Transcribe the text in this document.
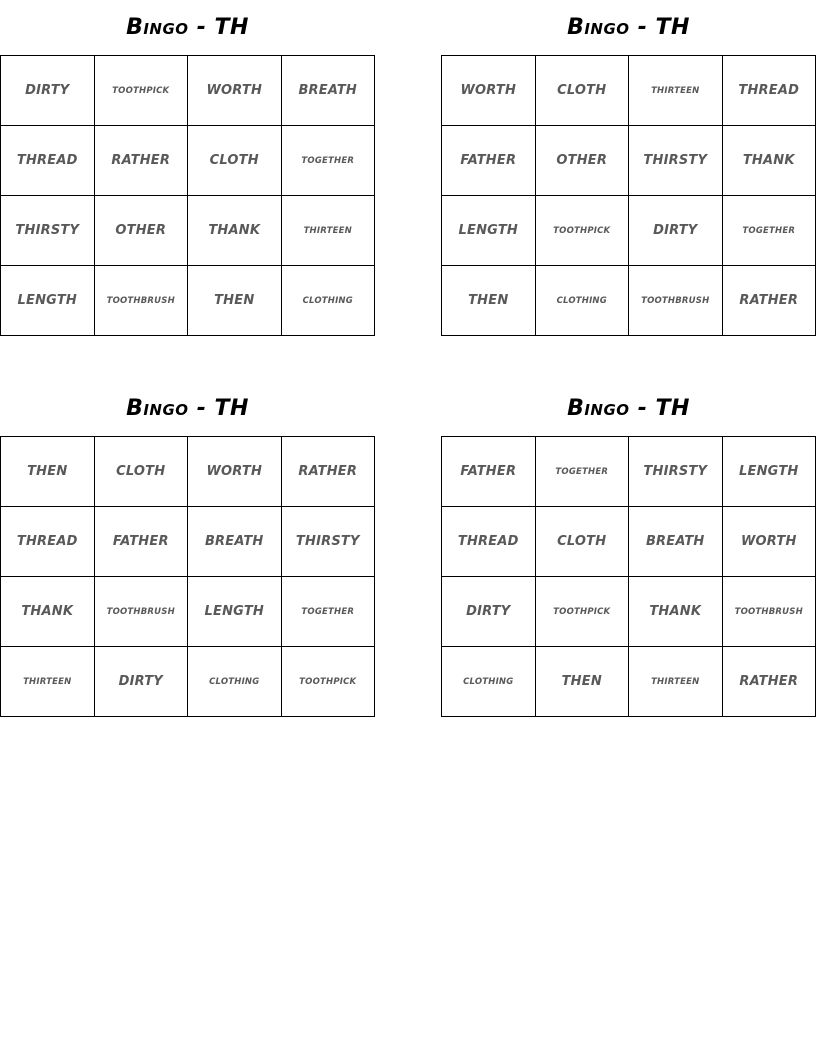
Bingo - TH
DIRTY	TOOTHPICK	WORTH	BREATH
THREAD	RATHER	CLOTH	TOGETHER
THIRSTY	OTHER	THANK	THIRTEEN
LENGTH	TOOTHBRUSH	THEN	CLOTHING
Bingo - TH
WORTH	CLOTH	THIRTEEN	THREAD
FATHER	OTHER	THIRSTY	THANK
LENGTH	TOOTHPICK	DIRTY	TOGETHER
THEN	CLOTHING	TOOTHBRUSH	RATHER
Bingo - TH
THEN	CLOTH	WORTH	RATHER
THREAD	FATHER	BREATH	THIRSTY
THANK	TOOTHBRUSH	LENGTH	TOGETHER
THIRTEEN	DIRTY	CLOTHING	TOOTHPICK
Bingo - TH
FATHER	TOGETHER	THIRSTY	LENGTH
THREAD	CLOTH	BREATH	WORTH
DIRTY	TOOTHPICK	THANK	TOOTHBRUSH
CLOTHING	THEN	THIRTEEN	RATHER
